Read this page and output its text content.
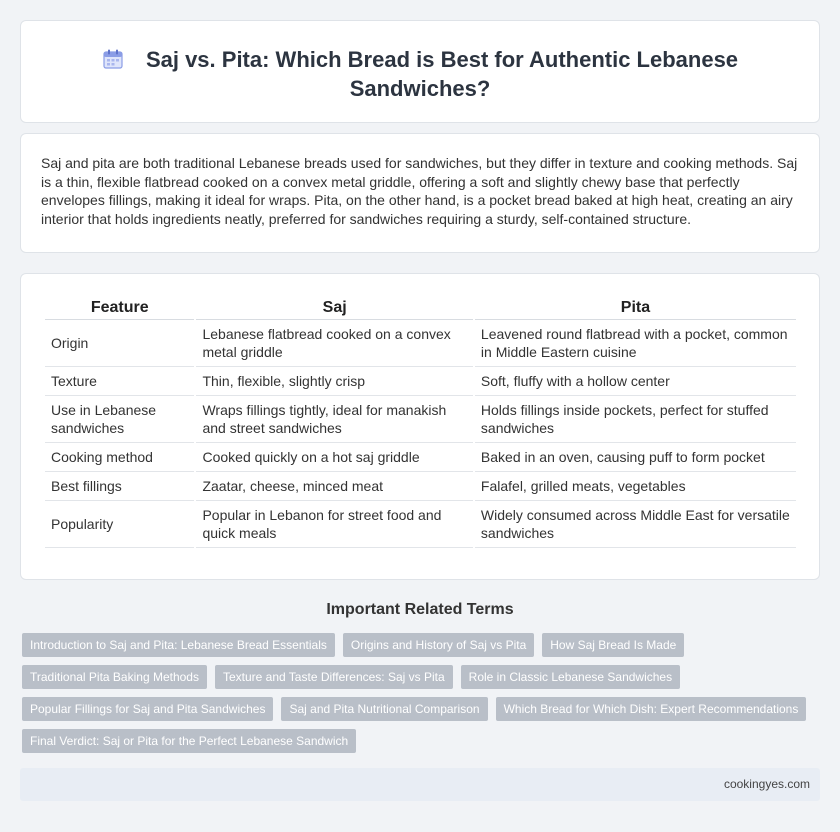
Saj vs. Pita: Which Bread is Best for Authentic Lebanese Sandwiches?

Saj and pita are both traditional Lebanese breads used for sandwiches, but they differ in texture and cooking methods. Saj is a thin, flexible flatbread cooked on a convex metal griddle, offering a soft and slightly chewy base that perfectly envelopes fillings, making it ideal for wraps. Pita, on the other hand, is a pocket bread baked at high heat, creating an airy interior that holds ingredients neatly, preferred for sandwiches requiring a sturdy, self-contained structure.

Feature	Saj	Pita
Origin	Lebanese flatbread cooked on a convex metal griddle	Leavened round flatbread with a pocket, common in Middle Eastern cuisine
Texture	Thin, flexible, slightly crisp	Soft, fluffy with a hollow center
Use in Lebanese sandwiches	Wraps fillings tightly, ideal for manakish and street sandwiches	Holds fillings inside pockets, perfect for stuffed sandwiches
Cooking method	Cooked quickly on a hot saj griddle	Baked in an oven, causing puff to form pocket
Best fillings	Zaatar, cheese, minced meat	Falafel, grilled meats, vegetables
Popularity	Popular in Lebanon for street food and quick meals	Widely consumed across Middle East for versatile sandwiches
Important Related Terms
Introduction to Saj and Pita: Lebanese Bread Essentials	Origins and History of Saj vs Pita	How Saj Bread Is Made
Traditional Pita Baking Methods	Texture and Taste Differences: Saj vs Pita	Role in Classic Lebanese Sandwiches
Popular Fillings for Saj and Pita Sandwiches	Saj and Pita Nutritional Comparison	Which Bread for Which Dish: Expert Recommendations
Final Verdict: Saj or Pita for the Perfect Lebanese Sandwich
cookingyes.com
